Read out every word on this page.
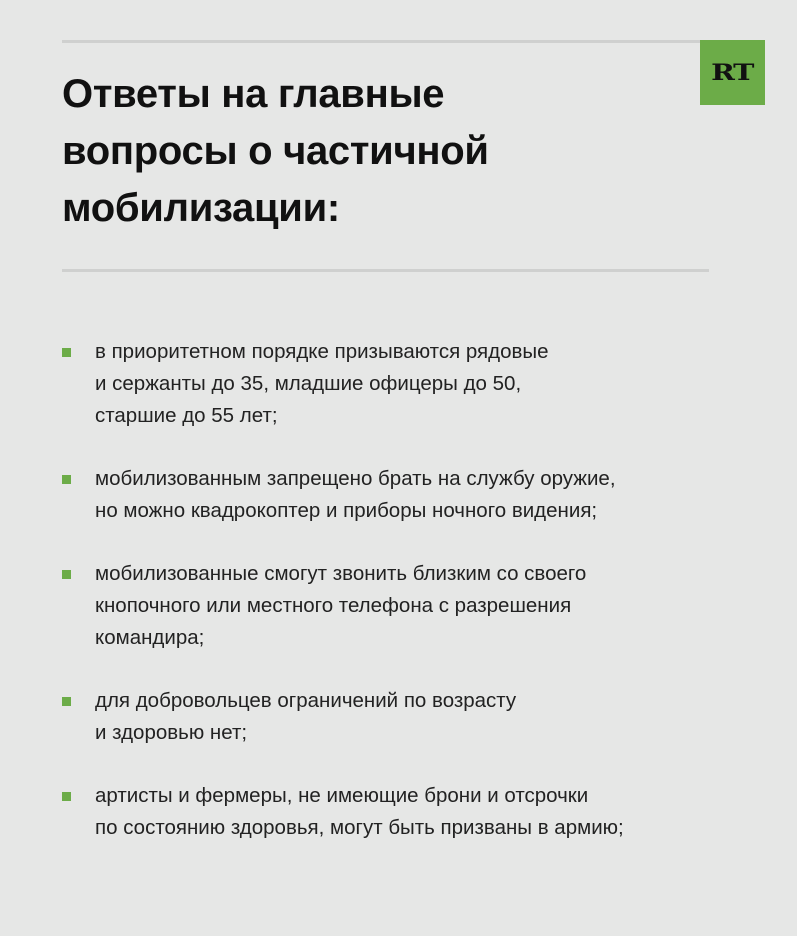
RT
Ответы на главные
вопросы о частичной
мобилизации:
в приоритетном порядке призываются рядовые
и сержанты до 35, младшие офицеры до 50,
старшие до 55 лет;
мобилизованным запрещено брать на службу оружие,
но можно квадрокоптер и приборы ночного видения;
мобилизованные смогут звонить близким со своего
кнопочного или местного телефона с разрешения
командира;
для добровольцев ограничений по возрасту
и здоровью нет;
артисты и фермеры, не имеющие брони и отсрочки
по состоянию здоровья, могут быть призваны в армию;
